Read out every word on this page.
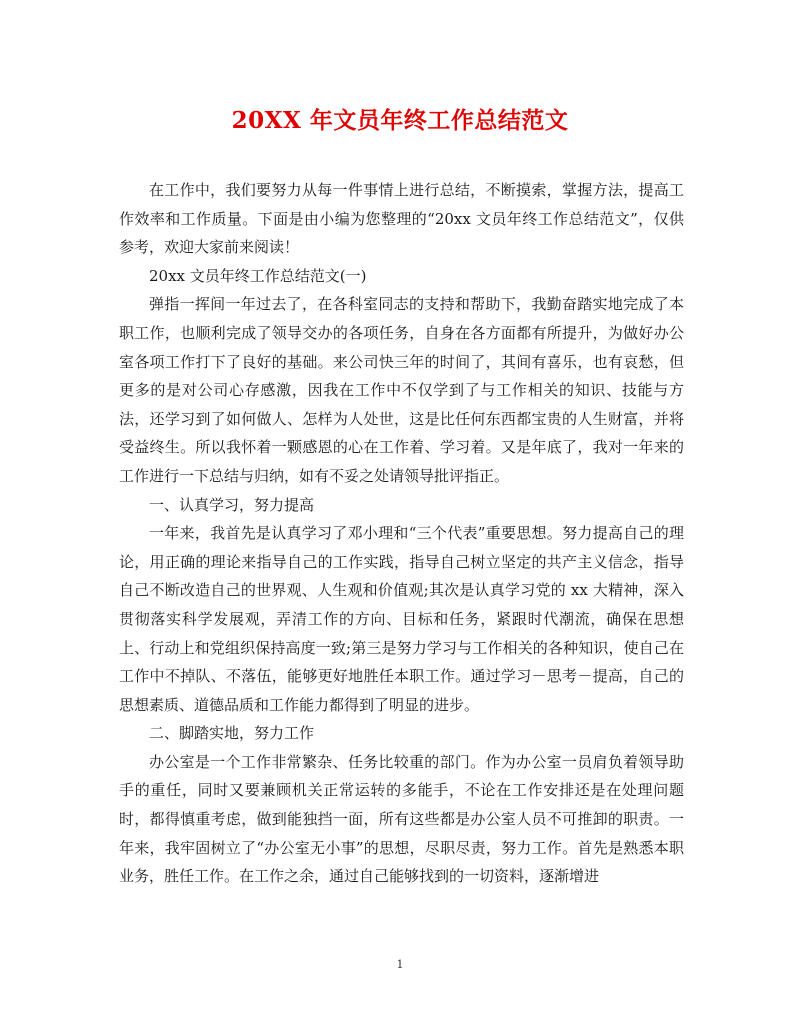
20XX 年文员年终工作总结范文

在工作中，我们要努力从每一件事情上进行总结，不断摸索，掌握方法，提高工作效率和工作质量。下面是由小编为您整理的“20xx 文员年终工作总结范文”，仅供参考，欢迎大家前来阅读！

20xx 文员年终工作总结范文(一)

弹指一挥间一年过去了，在各科室同志的支持和帮助下，我勤奋踏实地完成了本职工作，也顺利完成了领导交办的各项任务，自身在各方面都有所提升，为做好办公室各项工作打下了良好的基础。来公司快三年的时间了，其间有喜乐，也有哀愁，但更多的是对公司心存感激，因我在工作中不仅学到了与工作相关的知识、技能与方法，还学习到了如何做人、怎样为人处世，这是比任何东西都宝贵的人生财富，并将受益终生。所以我怀着一颗感恩的心在工作着、学习着。又是年底了，我对一年来的工作进行一下总结与归纳，如有不妥之处请领导批评指正。

一、认真学习，努力提高

一年来，我首先是认真学习了邓小理和“三个代表”重要思想。努力提高自己的理论，用正确的理论来指导自己的工作实践，指导自己树立坚定的共产主义信念，指导自己不断改造自己的世界观、人生观和价值观;其次是认真学习党的 xx 大精神，深入贯彻落实科学发展观，弄清工作的方向、目标和任务，紧跟时代潮流，确保在思想上、行动上和党组织保持高度一致;第三是努力学习与工作相关的各种知识，使自己在工作中不掉队、不落伍，能够更好地胜任本职工作。通过学习－思考－提高，自己的思想素质、道德品质和工作能力都得到了明显的进步。

二、脚踏实地，努力工作

办公室是一个工作非常繁杂、任务比较重的部门。作为办公室一员肩负着领导助手的重任，同时又要兼顾机关正常运转的多能手，不论在工作安排还是在处理问题时，都得慎重考虑，做到能独挡一面，所有这些都是办公室人员不可推卸的职责。一年来，我牢固树立了“办公室无小事”的思想，尽职尽责，努力工作。首先是熟悉本职业务，胜任工作。在工作之余，通过自己能够找到的一切资料，逐渐增进

1
